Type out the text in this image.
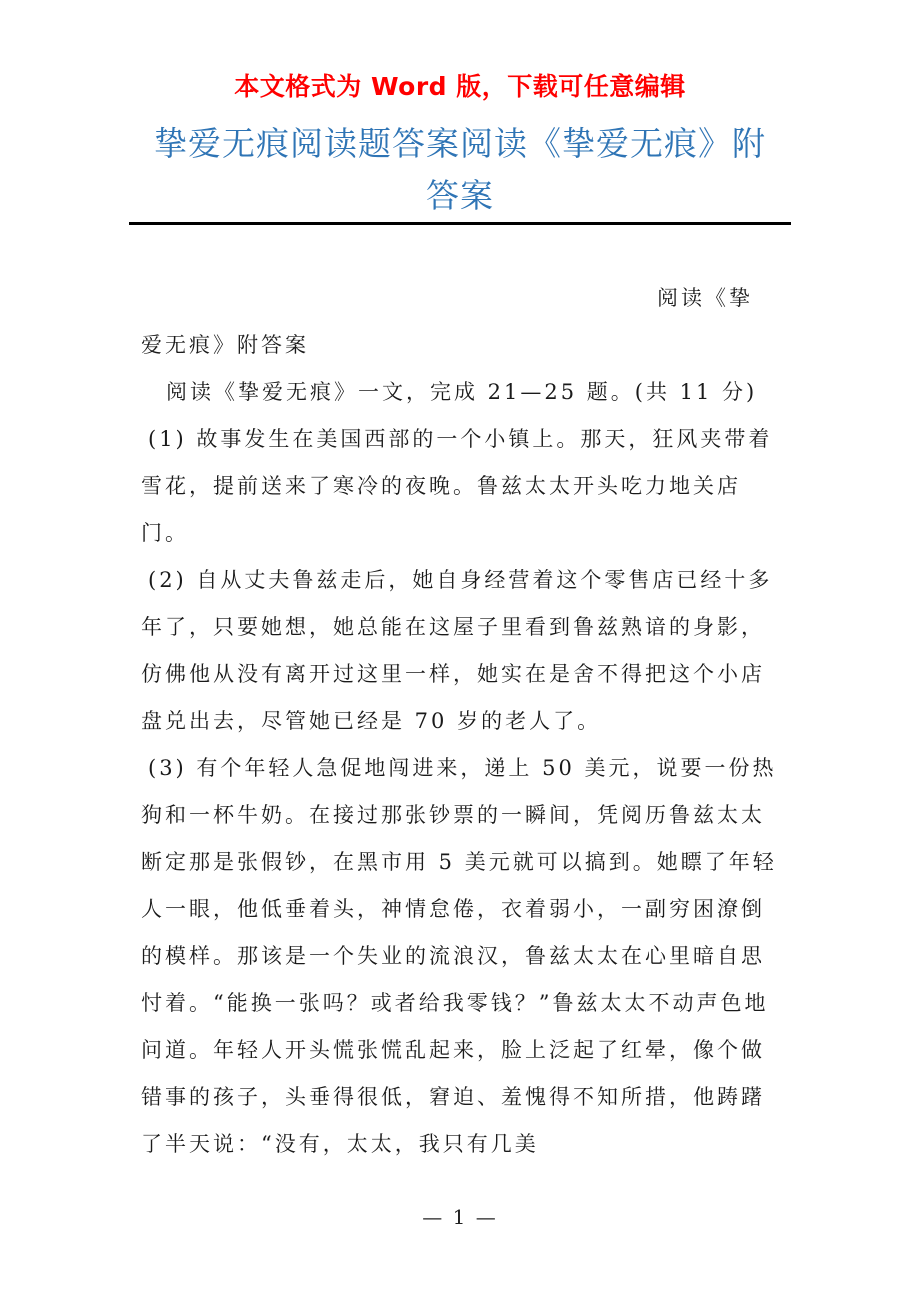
本文格式为 Word 版，下载可任意编辑
挚爱无痕阅读题答案阅读《挚爱无痕》附答案

阅读《挚

爱无痕》附答案

阅读《挚爱无痕》一文，完成 21—25 题。(共 11 分)

(1) 故事发生在美国西部的一个小镇上。那天，狂风夹带着雪花，提前送来了寒冷的夜晚。鲁兹太太开头吃力地关店门。

(2) 自从丈夫鲁兹走后，她自身经营着这个零售店已经十多年了，只要她想，她总能在这屋子里看到鲁兹熟谙的身影，仿佛他从没有离开过这里一样，她实在是舍不得把这个小店盘兑出去，尽管她已经是 70 岁的老人了。

(3) 有个年轻人急促地闯进来，递上 50 美元，说要一份热狗和一杯牛奶。在接过那张钞票的一瞬间，凭阅历鲁兹太太断定那是张假钞，在黑市用 5 美元就可以搞到。她瞟了年轻人一眼，他低垂着头，神情怠倦，衣着弱小，一副穷困潦倒的模样。那该是一个失业的流浪汉，鲁兹太太在心里暗自思忖着。“能换一张吗？或者给我零钱？”鲁兹太太不动声色地问道。年轻人开头慌张慌乱起来，脸上泛起了红晕，像个做错事的孩子，头垂得很低，窘迫、羞愧得不知所措，他踌躇了半天说：“没有，太太，我只有几美

— 1 —
